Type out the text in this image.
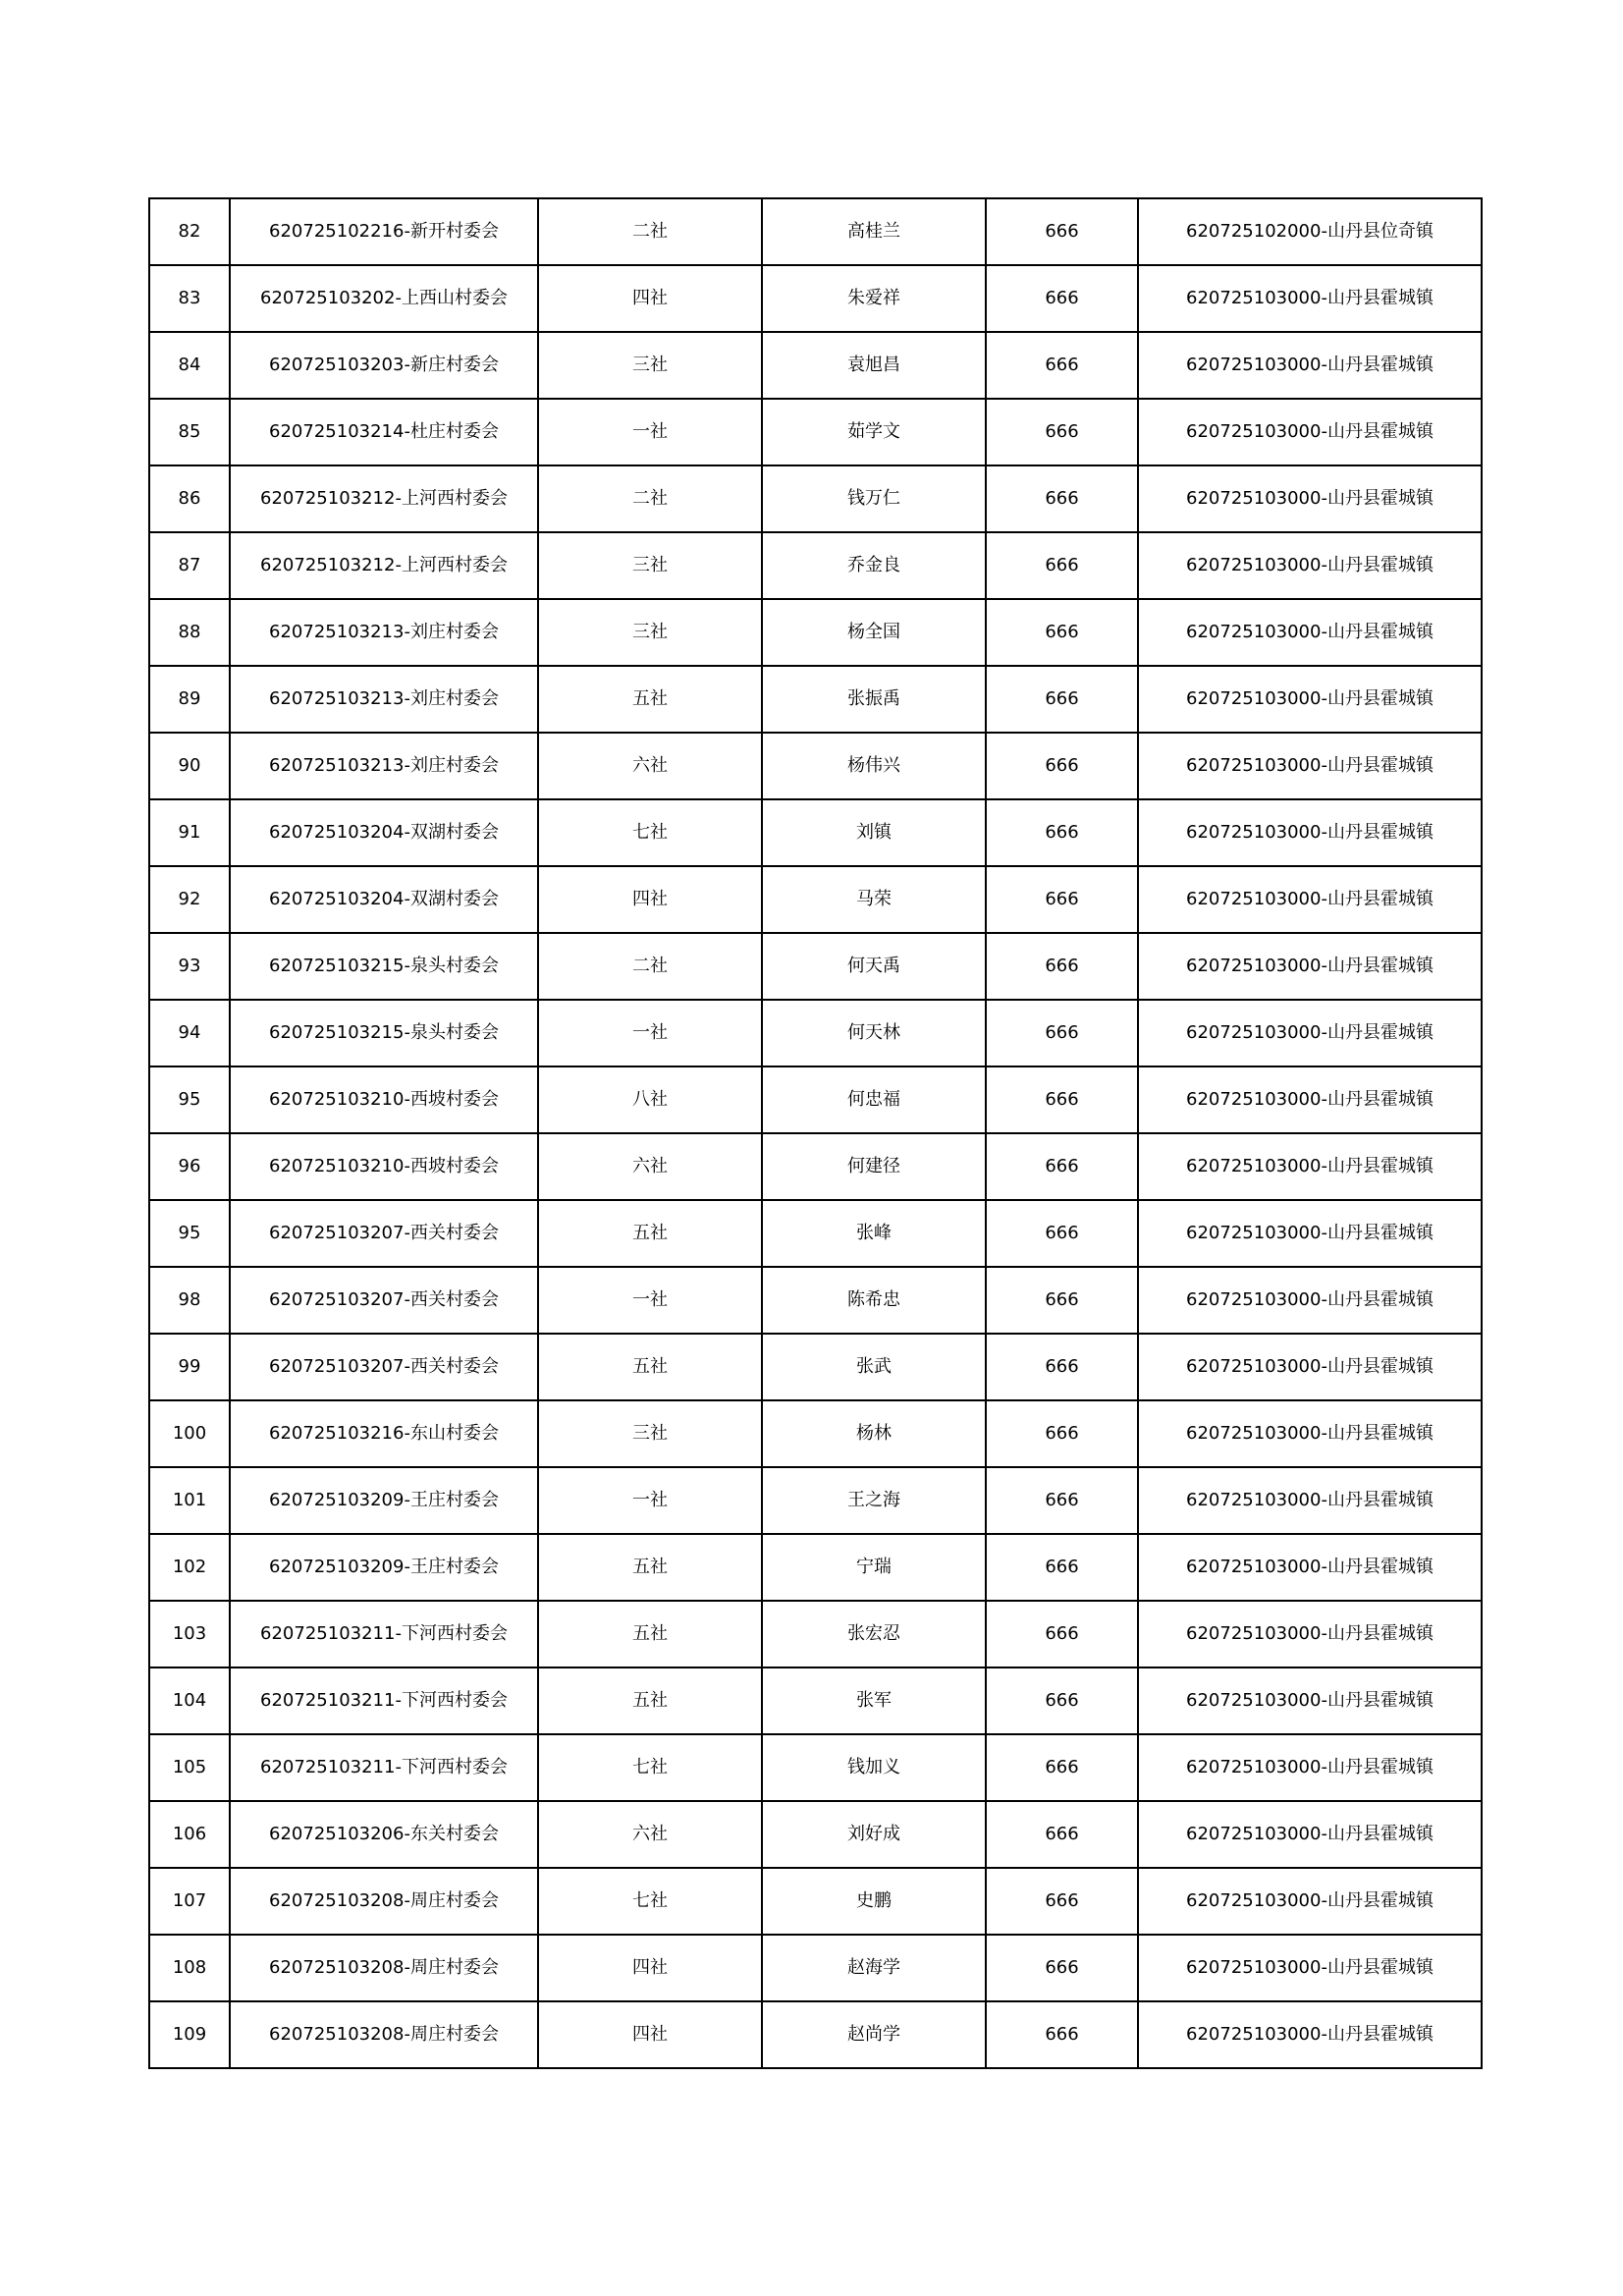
82	620725102216-新开村委会	二社	高桂兰	666	620725102000-山丹县位奇镇
83	620725103202-上西山村委会	四社	朱爱祥	666	620725103000-山丹县霍城镇
84	620725103203-新庄村委会	三社	袁旭昌	666	620725103000-山丹县霍城镇
85	620725103214-杜庄村委会	一社	茹学文	666	620725103000-山丹县霍城镇
86	620725103212-上河西村委会	二社	钱万仁	666	620725103000-山丹县霍城镇
87	620725103212-上河西村委会	三社	乔金良	666	620725103000-山丹县霍城镇
88	620725103213-刘庄村委会	三社	杨全国	666	620725103000-山丹县霍城镇
89	620725103213-刘庄村委会	五社	张振禹	666	620725103000-山丹县霍城镇
90	620725103213-刘庄村委会	六社	杨伟兴	666	620725103000-山丹县霍城镇
91	620725103204-双湖村委会	七社	刘镇	666	620725103000-山丹县霍城镇
92	620725103204-双湖村委会	四社	马荣	666	620725103000-山丹县霍城镇
93	620725103215-泉头村委会	二社	何天禹	666	620725103000-山丹县霍城镇
94	620725103215-泉头村委会	一社	何天林	666	620725103000-山丹县霍城镇
95	620725103210-西坡村委会	八社	何忠福	666	620725103000-山丹县霍城镇
96	620725103210-西坡村委会	六社	何建径	666	620725103000-山丹县霍城镇
95	620725103207-西关村委会	五社	张峰	666	620725103000-山丹县霍城镇
98	620725103207-西关村委会	一社	陈希忠	666	620725103000-山丹县霍城镇
99	620725103207-西关村委会	五社	张武	666	620725103000-山丹县霍城镇
100	620725103216-东山村委会	三社	杨林	666	620725103000-山丹县霍城镇
101	620725103209-王庄村委会	一社	王之海	666	620725103000-山丹县霍城镇
102	620725103209-王庄村委会	五社	宁瑞	666	620725103000-山丹县霍城镇
103	620725103211-下河西村委会	五社	张宏忍	666	620725103000-山丹县霍城镇
104	620725103211-下河西村委会	五社	张军	666	620725103000-山丹县霍城镇
105	620725103211-下河西村委会	七社	钱加义	666	620725103000-山丹县霍城镇
106	620725103206-东关村委会	六社	刘好成	666	620725103000-山丹县霍城镇
107	620725103208-周庄村委会	七社	史鹏	666	620725103000-山丹县霍城镇
108	620725103208-周庄村委会	四社	赵海学	666	620725103000-山丹县霍城镇
109	620725103208-周庄村委会	四社	赵尚学	666	620725103000-山丹县霍城镇
